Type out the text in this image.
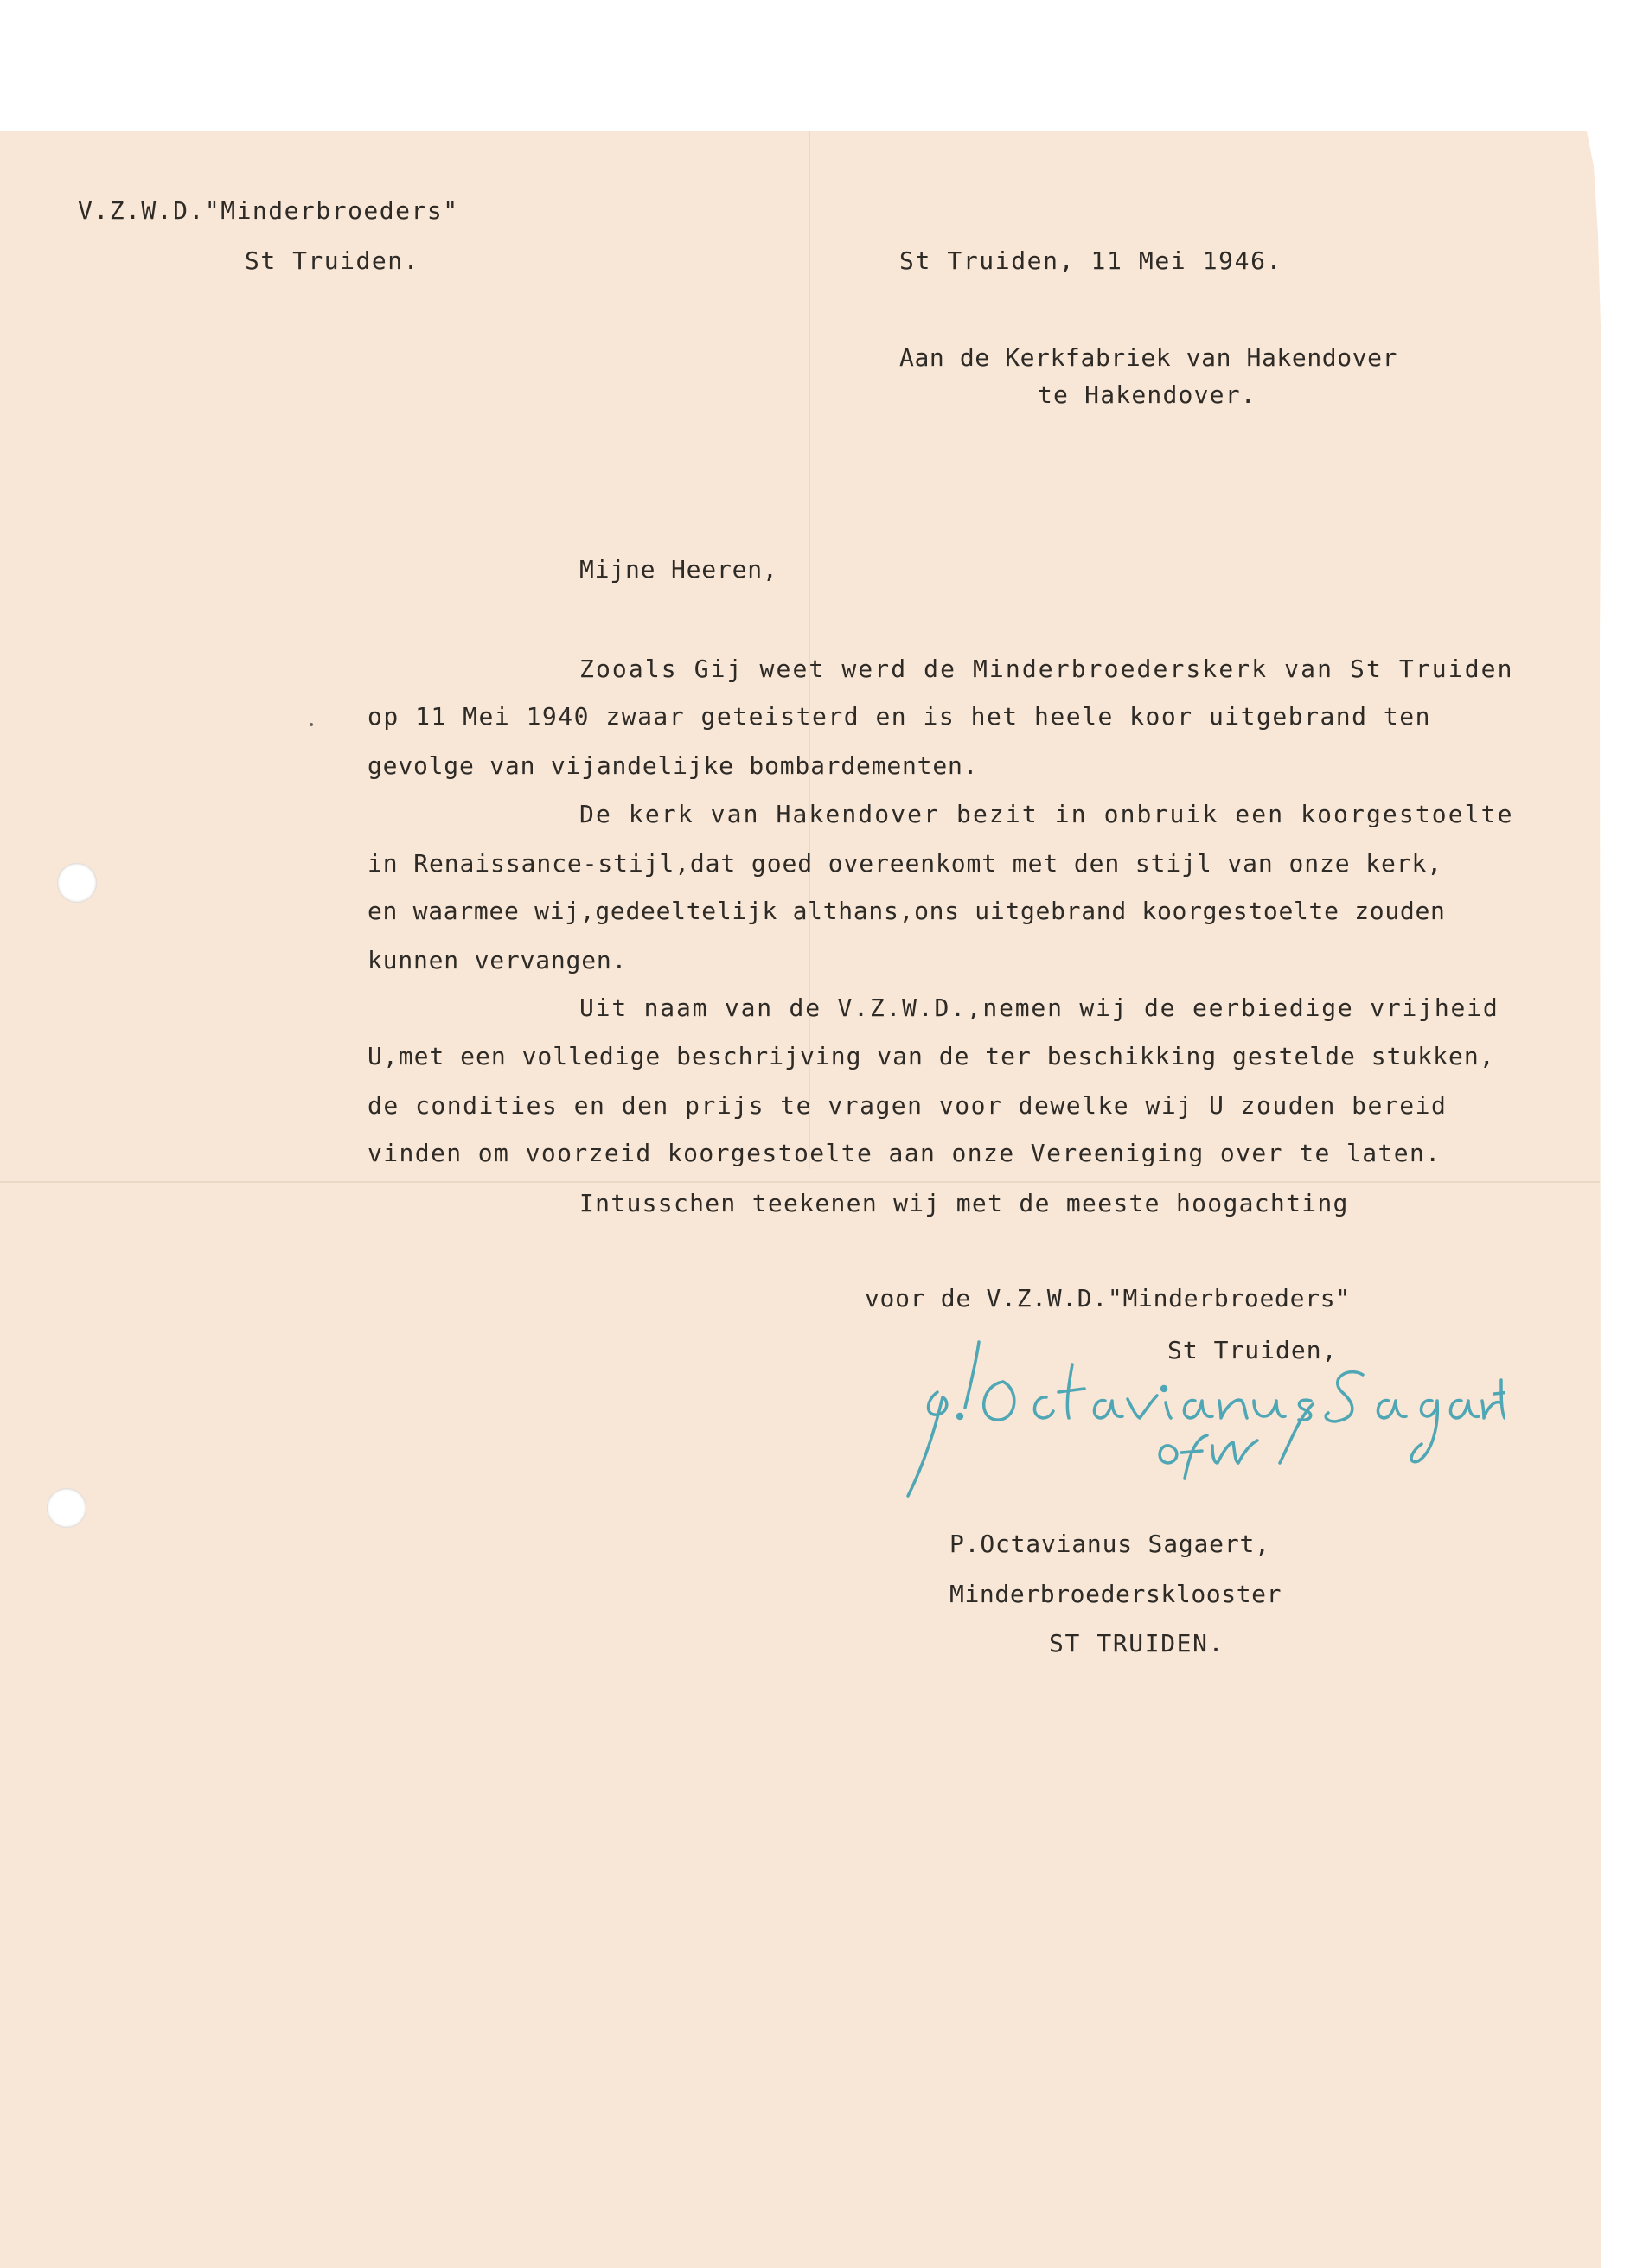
V.Z.W.D."Minderbroeders"
St Truiden.	St Truiden, 11 Mei 1946.
Aan de Kerkfabriek van Hakendover
te Hakendover.
Mijne Heeren,
Zooals Gij weet werd de Minderbroederskerk van St Truiden
op 11 Mei 1940 zwaar geteisterd en is het heele koor uitgebrand ten
gevolge van vijandelijke bombardementen.
De kerk van Hakendover bezit in onbruik een koorgestoelte
in Renaissance-stijl,dat goed overeenkomt met den stijl van onze kerk,
en waarmee wij,gedeeltelijk althans,ons uitgebrand koorgestoelte zouden
kunnen vervangen.
Uit naam van de V.Z.W.D.,nemen wij de eerbiedige vrijheid
U,met een volledige beschrijving van de ter beschikking gestelde stukken,
de condities en den prijs te vragen voor dewelke wij U zouden bereid
vinden om voorzeid koorgestoelte aan onze Vereeniging over te laten.
Intusschen teekenen wij met de meeste hoogachting
voor de V.Z.W.D."Minderbroeders"
St Truiden,
P.Octavianus Sagaert,
Minderbroedersklooster
ST TRUIDEN.
